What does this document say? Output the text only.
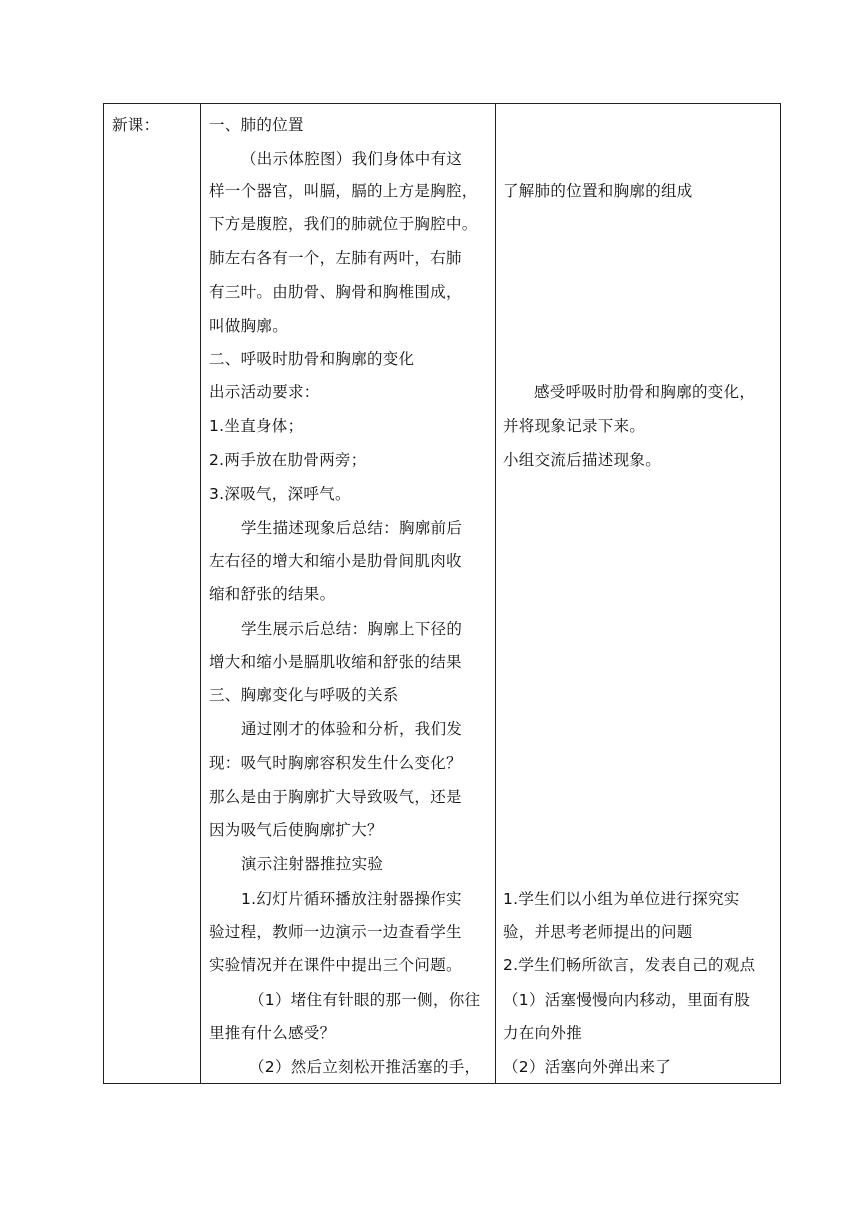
新课：	一、肺的位置
（出示体腔图）我们身体中有这
样一个器官，叫膈，膈的上方是胸腔，
下方是腹腔，我们的肺就位于胸腔中。
肺左右各有一个，左肺有两叶，右肺
有三叶。由肋骨、胸骨和胸椎围成，
叫做胸廓。
二、呼吸时肋骨和胸廓的变化
出示活动要求：
1.坐直身体；
2.两手放在肋骨两旁；
3.深吸气，深呼气。
学生描述现象后总结：胸廓前后
左右径的增大和缩小是肋骨间肌肉收
缩和舒张的结果。
学生展示后总结：胸廓上下径的
增大和缩小是膈肌收缩和舒张的结果
三、胸廓变化与呼吸的关系
通过刚才的体验和分析，我们发
现：吸气时胸廓容积发生什么变化？
那么是由于胸廓扩大导致吸气，还是
因为吸气后使胸廓扩大？
演示注射器推拉实验
1.幻灯片循环播放注射器操作实
验过程，教师一边演示一边查看学生
实验情况并在课件中提出三个问题。
（1）堵住有针眼的那一侧，你往
里推有什么感受？
（2）然后立刻松开推活塞的手，
了解肺的位置和胸廓的组成
感受呼吸时肋骨和胸廓的变化，
并将现象记录下来。
小组交流后描述现象。
1.学生们以小组为单位进行探究实
验，并思考老师提出的问题
2.学生们畅所欲言，发表自己的观点
（1）活塞慢慢向内移动，里面有股
力在向外推
（2）活塞向外弹出来了
